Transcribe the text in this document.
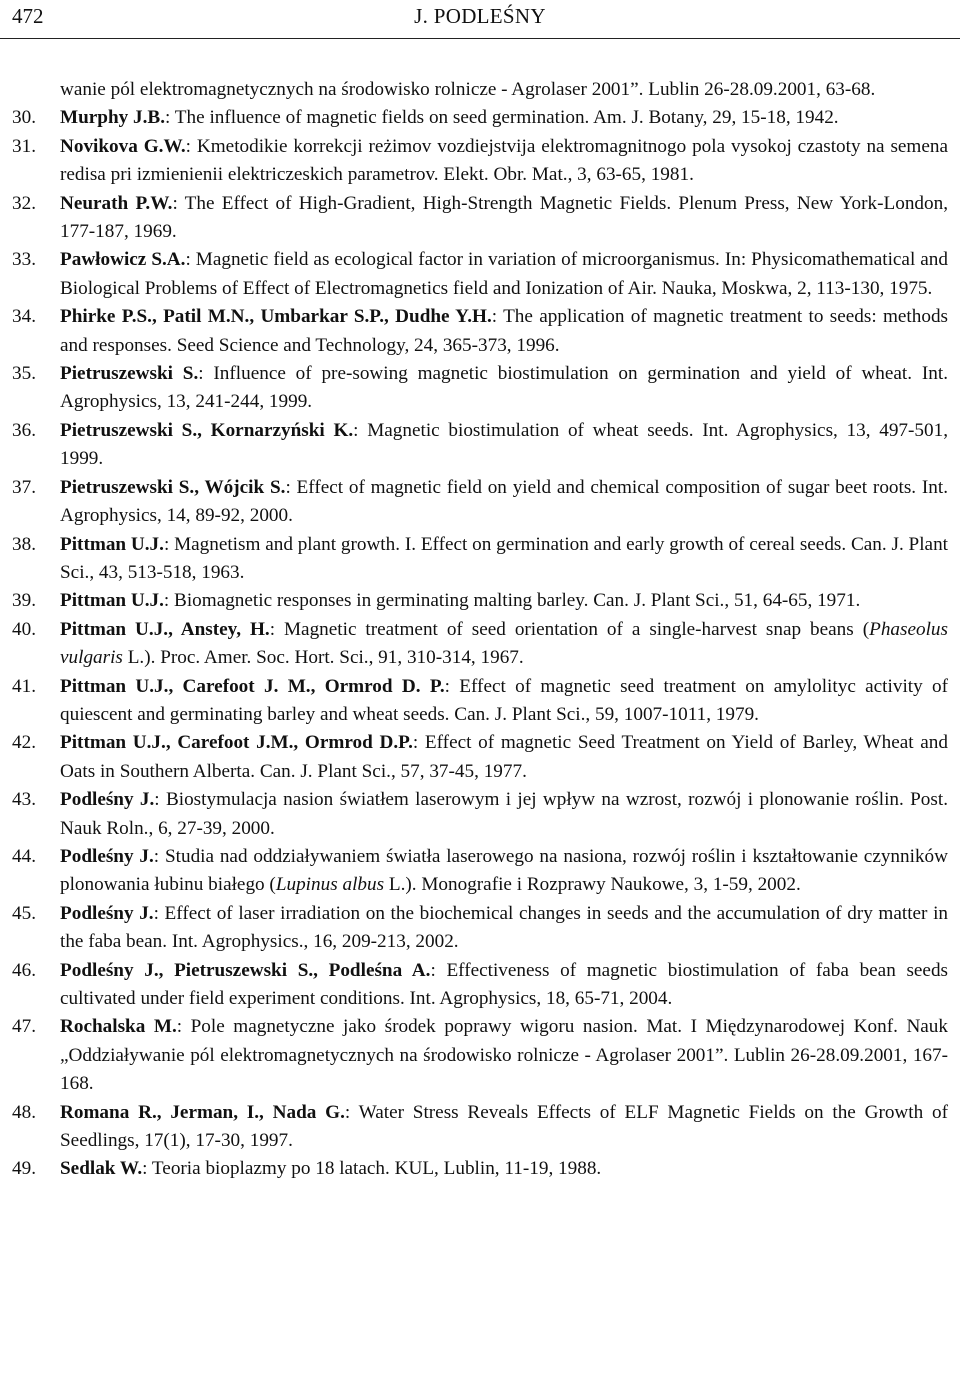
472	J. PODLEŚNY
wanie pól elektromagnetycznych na środowisko rolnicze - Agrolaser 2001”. Lublin 26-28.09.2001, 63-68.
30. Murphy J.B.: The influence of magnetic fields on seed germination. Am. J. Botany, 29, 15-18, 1942.
31. Novikova G.W.: Kmetodikie korrekcji reżimov vozdiejstvija elektromagnitnogo pola vysokoj czastoty na semena redisa pri izmienienii elektriczeskich parametrov. Elekt. Obr. Mat., 3, 63-65, 1981.
32. Neurath P.W.: The Effect of High-Gradient, High-Strength Magnetic Fields. Plenum Press, New York-London, 177-187, 1969.
33. Pawłowicz S.A.: Magnetic field as ecological factor in variation of microorganismus. In: Physicomathematical and Biological Problems of Effect of Electromagnetics field and Ionization of Air. Nauka, Moskwa, 2, 113-130, 1975.
34. Phirke P.S., Patil M.N., Umbarkar S.P., Dudhe Y.H.: The application of magnetic treatment to seeds: methods and responses. Seed Science and Technology, 24, 365-373, 1996.
35. Pietruszewski S.: Influence of pre-sowing magnetic biostimulation on germination and yield of wheat. Int. Agrophysics, 13, 241-244, 1999.
36. Pietruszewski S., Kornarzyński K.: Magnetic biostimulation of wheat seeds. Int. Agrophysics, 13, 497-501, 1999.
37. Pietruszewski S., Wójcik S.: Effect of magnetic field on yield and chemical composition of sugar beet roots. Int. Agrophysics, 14, 89-92, 2000.
38. Pittman U.J.: Magnetism and plant growth. I. Effect on germination and early growth of cereal seeds. Can. J. Plant Sci., 43, 513-518, 1963.
39. Pittman U.J.: Biomagnetic responses in germinating malting barley. Can. J. Plant Sci., 51, 64-65, 1971.
40. Pittman U.J., Anstey, H.: Magnetic treatment of seed orientation of a single-harvest snap beans (Phaseolus vulgaris L.). Proc. Amer. Soc. Hort. Sci., 91, 310-314, 1967.
41. Pittman U.J., Carefoot J. M., Ormrod D. P.: Effect of magnetic seed treatment on amylolityc activity of quiescent and germinating barley and wheat seeds. Can. J. Plant Sci., 59, 1007-1011, 1979.
42. Pittman U.J., Carefoot J.M., Ormrod D.P.: Effect of magnetic Seed Treatment on Yield of Barley, Wheat and Oats in Southern Alberta. Can. J. Plant Sci., 57, 37-45, 1977.
43. Podleśny J.: Biostymulacja nasion światłem laserowym i jej wpływ na wzrost, rozwój i plonowanie roślin. Post. Nauk Roln., 6, 27-39, 2000.
44. Podleśny J.: Studia nad oddziaływaniem światła laserowego na nasiona, rozwój roślin i kształtowanie czynników plonowania łubinu białego (Lupinus albus L.). Monografie i Rozprawy Naukowe, 3, 1-59, 2002.
45. Podleśny J.: Effect of laser irradiation on the biochemical changes in seeds and the accumulation of dry matter in the faba bean. Int. Agrophysics., 16, 209-213, 2002.
46. Podleśny J., Pietruszewski S., Podleśna A.: Effectiveness of magnetic biostimulation of faba bean seeds cultivated under field experiment conditions. Int. Agrophysics, 18, 65-71, 2004.
47. Rochalska M.: Pole magnetyczne jako środek poprawy wigoru nasion. Mat. I Międzynarodowej Konf. Nauk „Oddziaływanie pól elektromagnetycznych na środowisko rolnicze - Agrolaser 2001”. Lublin 26-28.09.2001, 167-168.
48. Romana R., Jerman, I., Nada G.: Water Stress Reveals Effects of ELF Magnetic Fields on the Growth of Seedlings, 17(1), 17-30, 1997.
49. Sedlak W.: Teoria bioplazmy po 18 latach. KUL, Lublin, 11-19, 1988.
